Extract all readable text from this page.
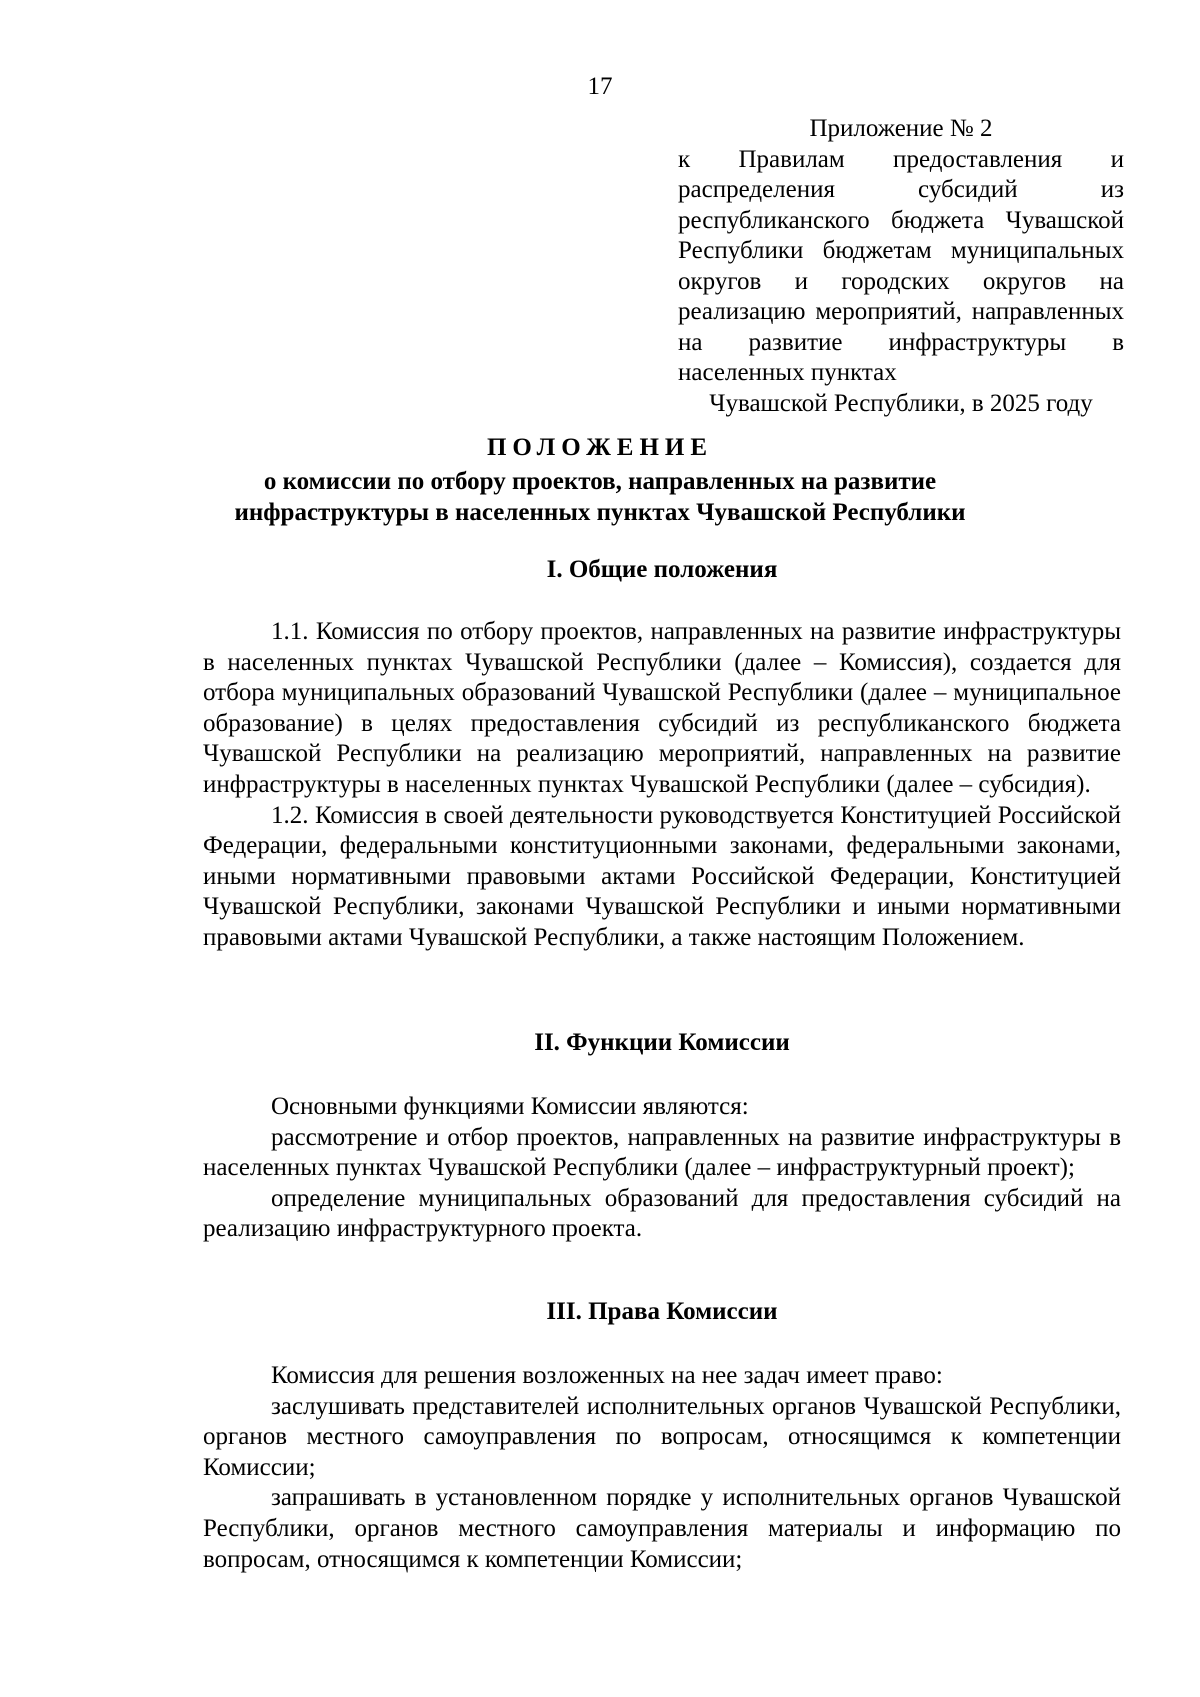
17

Приложение № 2

к Правилам предоставления и распределения субсидий из республиканского бюджета Чувашской Республики бюджетам муниципальных округов и городских округов на реализацию мероприятий, направленных на развитие инфраструктуры в населенных пунктах
Чувашской Республики, в 2025 году

ПОЛОЖЕНИЕ

о комиссии по отбору проектов, направленных на развитие инфраструктуры в населенных пунктах Чувашской Республики

I. Общие положения

1.1. Комиссия по отбору проектов, направленных на развитие инфраструктуры в населенных пунктах Чувашской Республики (далее – Комиссия), создается для отбора муниципальных образований Чувашской Республики (далее – муниципальное образование) в целях предоставления субсидий из республиканского бюджета Чувашской Республики на реализацию мероприятий, направленных на развитие инфраструктуры в населенных пунктах Чувашской Республики (далее – субсидия).

1.2. Комиссия в своей деятельности руководствуется Конституцией Российской Федерации, федеральными конституционными законами, федеральными законами, иными нормативными правовыми актами Российской Федерации, Конституцией Чувашской Республики, законами Чувашской Республики и иными нормативными правовыми актами Чувашской Республики, а также настоящим Положением.

II. Функции Комиссии

Основными функциями Комиссии являются:

рассмотрение и отбор проектов, направленных на развитие инфраструктуры в населенных пунктах Чувашской Республики (далее – инфраструктурный проект);

определение муниципальных образований для предоставления субсидий на реализацию инфраструктурного проекта.

III. Права Комиссии

Комиссия для решения возложенных на нее задач имеет право:

заслушивать представителей исполнительных органов Чувашской Республики, органов местного самоуправления по вопросам, относящимся к компетенции Комиссии;

запрашивать в установленном порядке у исполнительных органов Чувашской Республики, органов местного самоуправления материалы и информацию по вопросам, относящимся к компетенции Комиссии;
